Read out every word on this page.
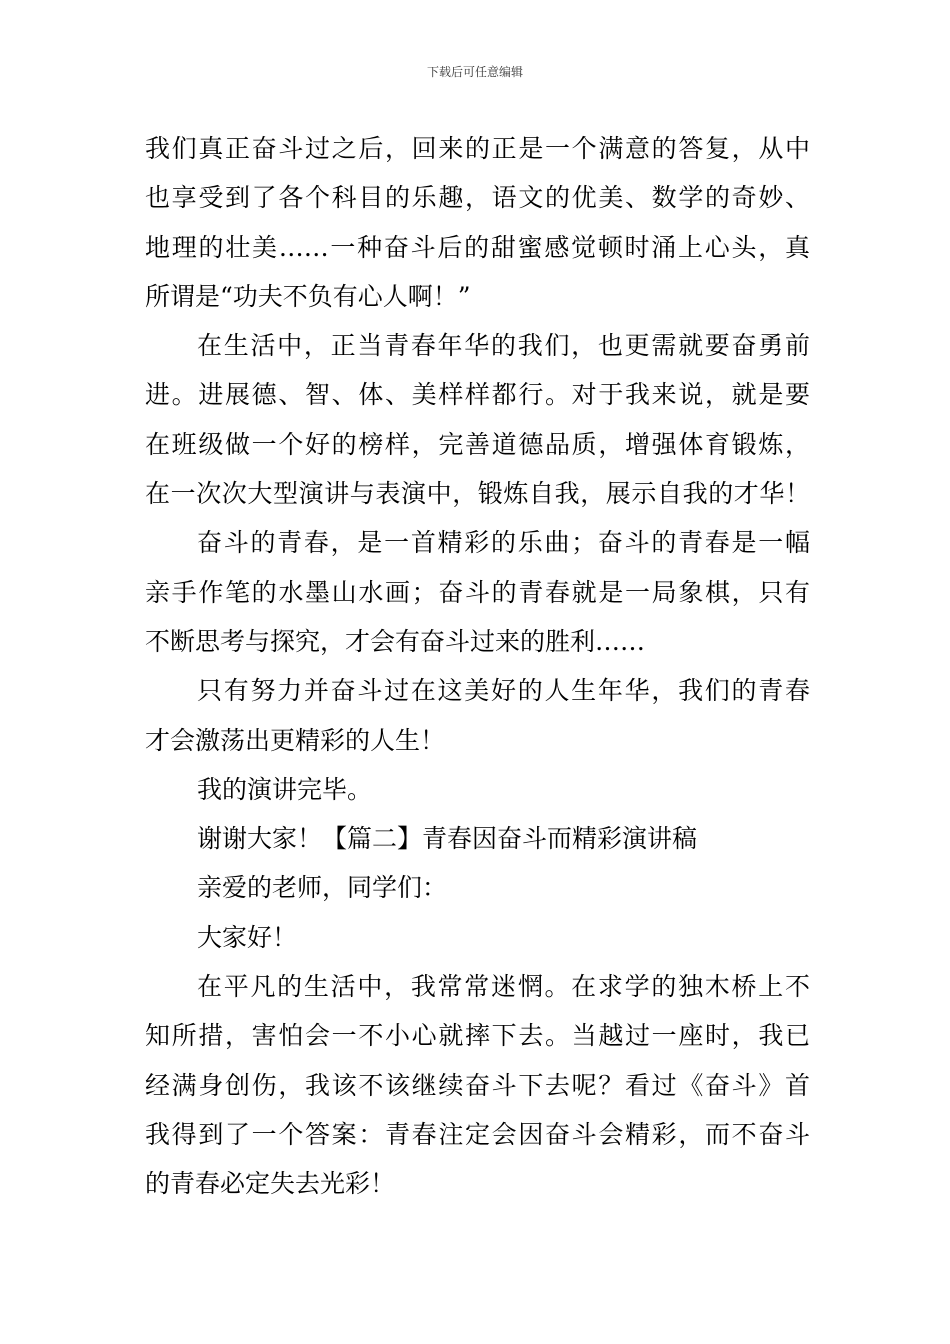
下载后可任意编辑
我们真正奋斗过之后，回来的正是一个满意的答复，从中
也享受到了各个科目的乐趣，语文的优美、数学的奇妙、
地理的壮美……一种奋斗后的甜蜜感觉顿时涌上心头，真
所谓是“功夫不负有心人啊！”
在生活中，正当青春年华的我们，也更需就要奋勇前
进。进展德、智、体、美样样都行。对于我来说，就是要
在班级做一个好的榜样，完善道德品质，增强体育锻炼，
在一次次大型演讲与表演中，锻炼自我，展示自我的才华！
奋斗的青春，是一首精彩的乐曲；奋斗的青春是一幅
亲手作笔的水墨山水画；奋斗的青春就是一局象棋，只有
不断思考与探究，才会有奋斗过来的胜利……
只有努力并奋斗过在这美好的人生年华，我们的青春
才会激荡出更精彩的人生！
我的演讲完毕。
谢谢大家！【篇二】青春因奋斗而精彩演讲稿
亲爱的老师，同学们：
大家好！
在平凡的生活中，我常常迷惘。在求学的独木桥上不
知所措，害怕会一不小心就摔下去。当越过一座时，我已
经满身创伤，我该不该继续奋斗下去呢？看过《奋斗》首
我得到了一个答案：青春注定会因奋斗会精彩，而不奋斗
的青春必定失去光彩！
